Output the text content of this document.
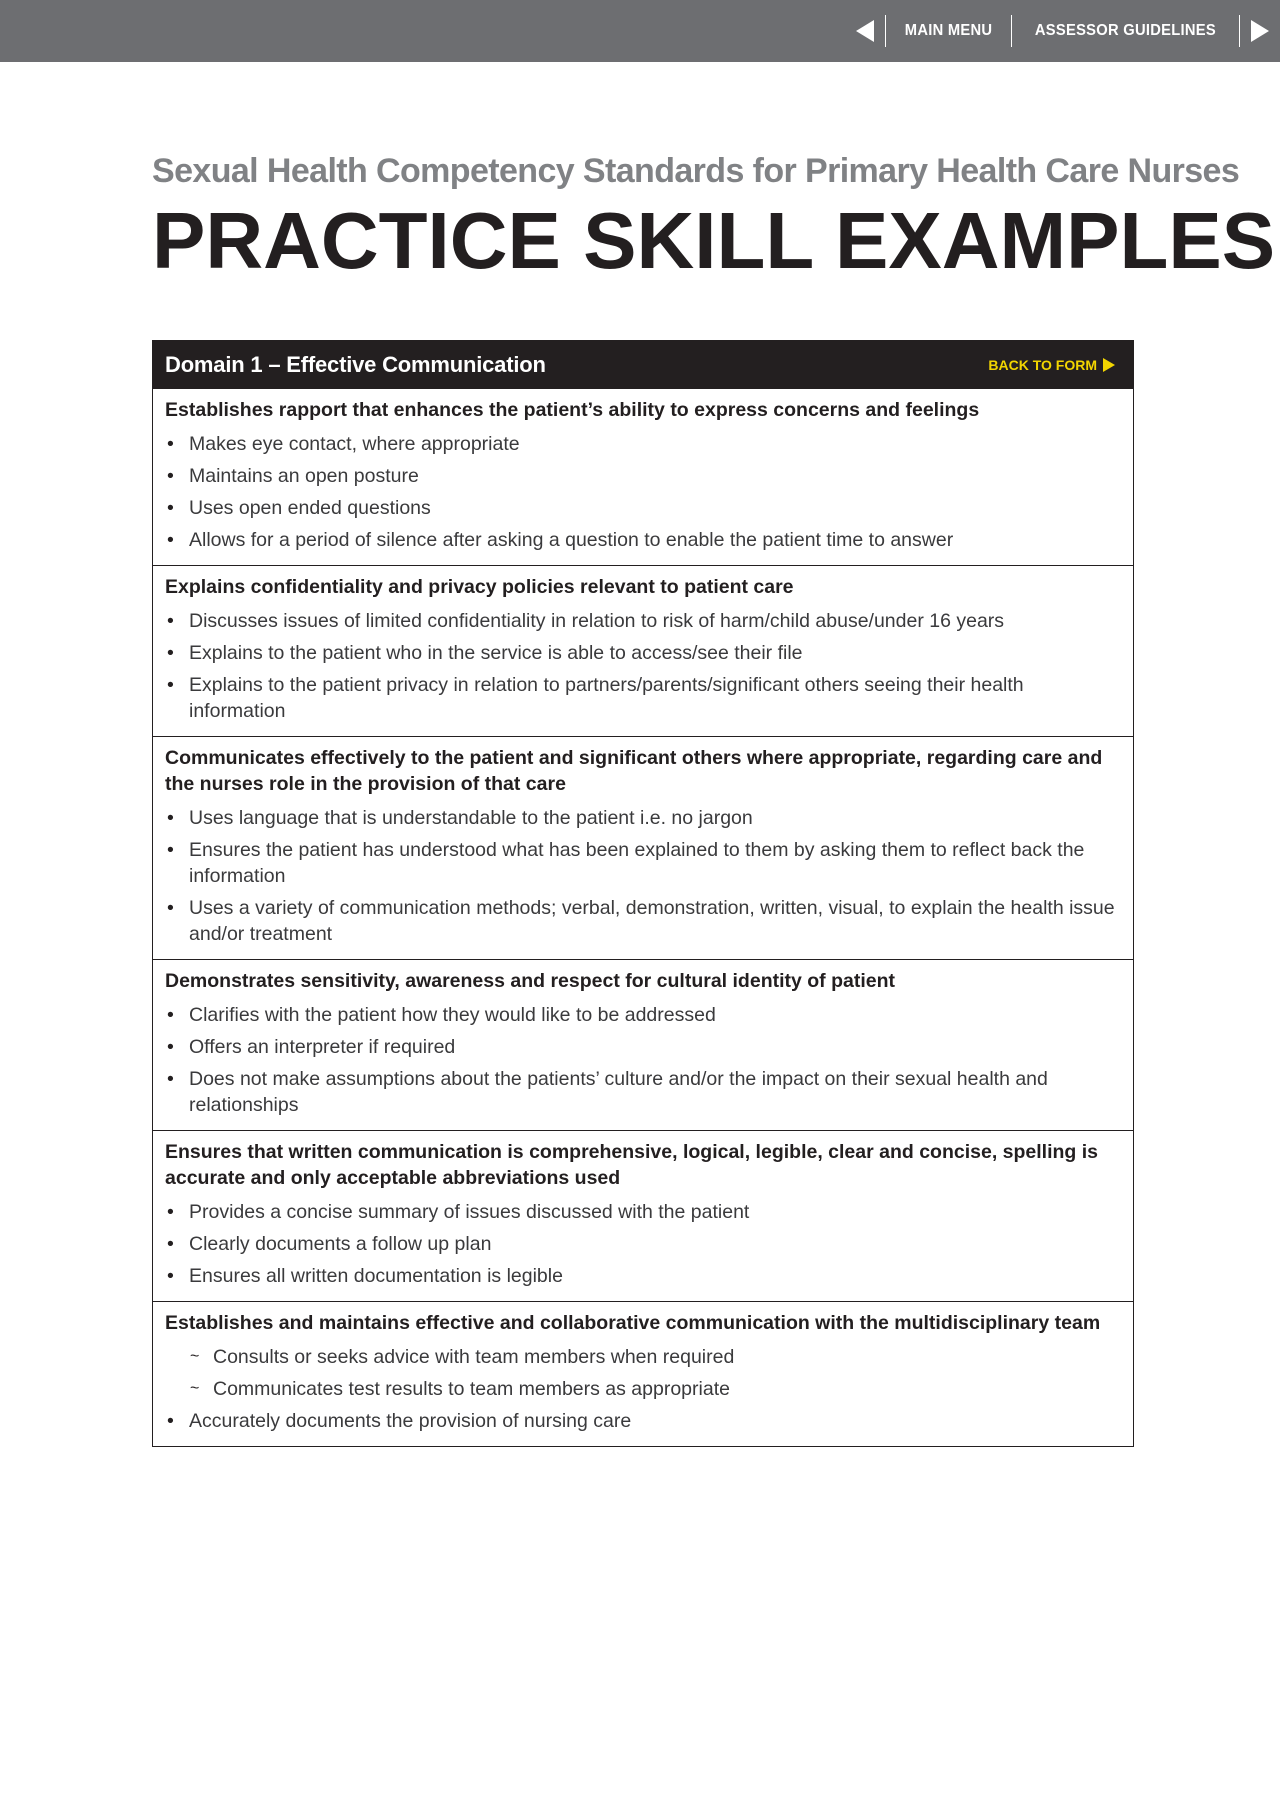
MAIN MENU	ASSESSOR GUIDELINES
Sexual Health Competency Standards for Primary Health Care Nurses
PRACTICE SKILL EXAMPLES
Domain 1 – Effective Communication	BACK TO FORM

Establishes rapport that enhances the patient’s ability to express concerns and feelings

• Makes eye contact, where appropriate
• Maintains an open posture
• Uses open ended questions
• Allows for a period of silence after asking a question to enable the patient time to answer

Explains confidentiality and privacy policies relevant to patient care

• Discusses issues of limited confidentiality in relation to risk of harm/child abuse/under 16 years
• Explains to the patient who in the service is able to access/see their file
• Explains to the patient privacy in relation to partners/parents/significant others seeing their health information

Communicates effectively to the patient and significant others where appropriate, regarding care and the nurses role in the provision of that care

• Uses language that is understandable to the patient i.e. no jargon
• Ensures the patient has understood what has been explained to them by asking them to reflect back the information
• Uses a variety of communication methods; verbal, demonstration, written, visual, to explain the health issue and/or treatment

Demonstrates sensitivity, awareness and respect for cultural identity of patient

• Clarifies with the patient how they would like to be addressed
• Offers an interpreter if required
• Does not make assumptions about the patients’ culture and/or the impact on their sexual health and relationships

Ensures that written communication is comprehensive, logical, legible, clear and concise, spelling is accurate and only acceptable abbreviations used

• Provides a concise summary of issues discussed with the patient
• Clearly documents a follow up plan
• Ensures all written documentation is legible

Establishes and maintains effective and collaborative communication with the multidisciplinary team

~ Consults or seeks advice with team members when required
~ Communicates test results to team members as appropriate
• Accurately documents the provision of nursing care
